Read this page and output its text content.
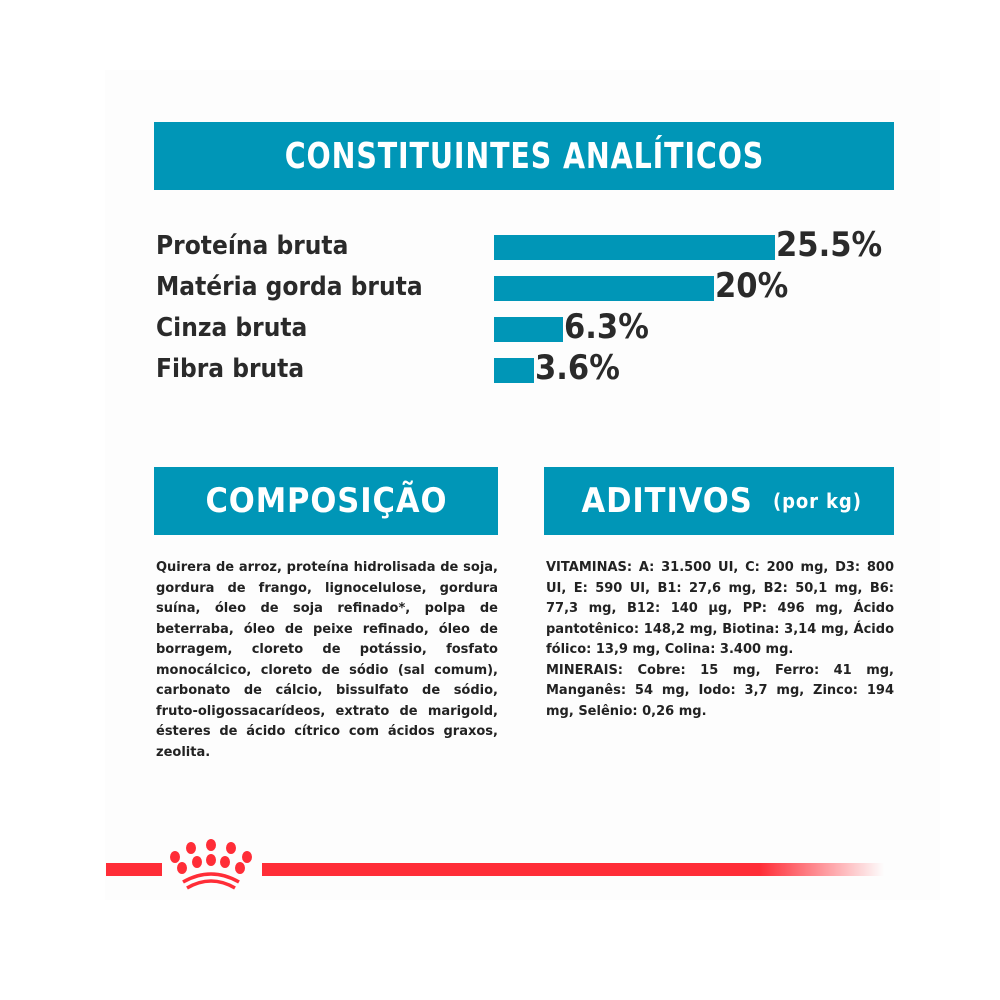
CONSTITUINTES ANALÍTICOS
Proteína bruta	25.5%
Matéria gorda bruta	20%
Cinza bruta	6.3%
Fibra bruta	3.6%
COMPOSIÇÃO	ADITIVOS (por kg)

Quirera de arroz, proteína hidrolisada de soja, gordura de frango, lignocelulose, gordura suína, óleo de soja refinado*, polpa de beterraba, óleo de peixe refinado, óleo de borragem, cloreto de potássio, fosfato monocálcico, cloreto de sódio (sal comum), carbonato de cálcio, bissulfato de sódio, fruto-oligossacarídeos, extrato de marigold, ésteres de ácido cítrico com ácidos graxos, zeolita.

VITAMINAS: A: 31.500 UI, C: 200 mg, D3: 800 UI, E: 590 UI, B1: 27,6 mg, B2: 50,1 mg, B6: 77,3 mg, B12: 140 µg, PP: 496 mg, Ácido pantotênico: 148,2 mg, Biotina: 3,14 mg, Ácido fólico: 13,9 mg, Colina: 3.400 mg.

MINERAIS: Cobre: 15 mg, Ferro: 41 mg, Manganês: 54 mg, Iodo: 3,7 mg, Zinco: 194 mg, Selênio: 0,26 mg.
